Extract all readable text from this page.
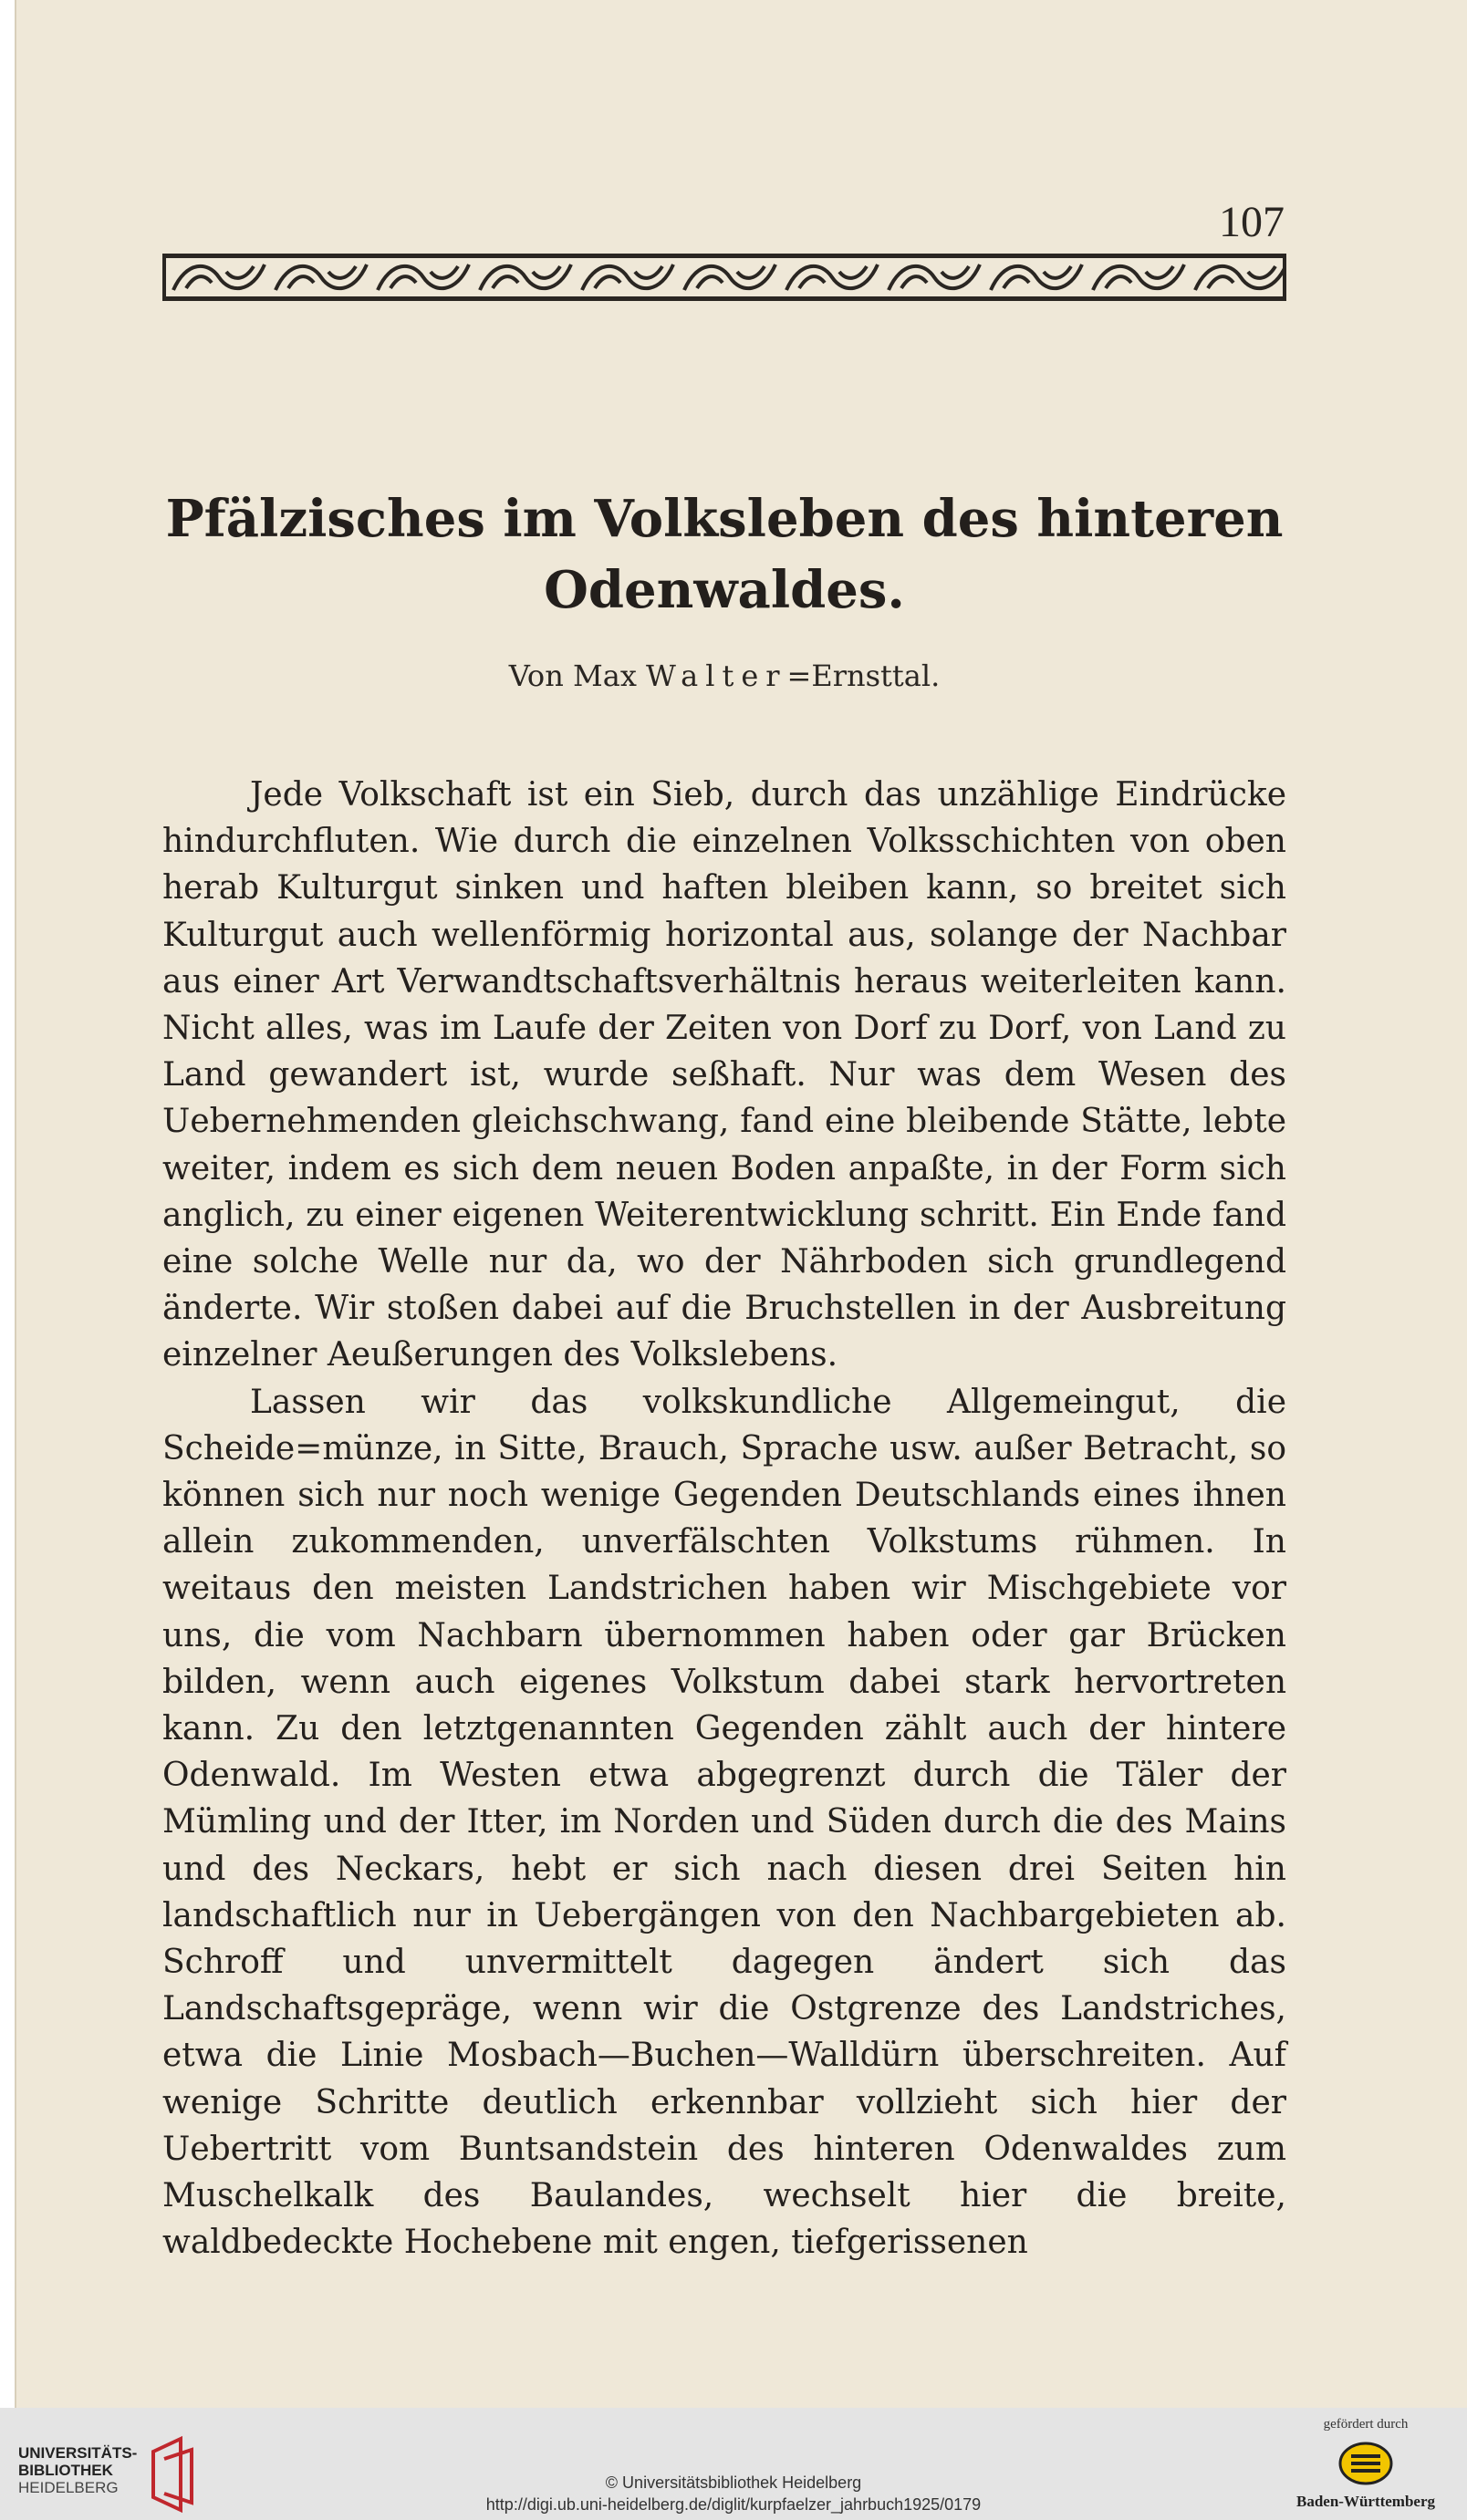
107
Pfälzisches im Volksleben des hinteren
Odenwaldes.
Von Max Walter=Ernsttal.

Jede Volkschaft ist ein Sieb, durch das unzählige Eindrücke hindurchfluten. Wie durch die einzelnen Volksschichten von oben herab Kulturgut sinken und haften bleiben kann, so breitet sich Kulturgut auch wellenförmig horizontal aus, solange der Nachbar aus einer Art Verwandtschaftsverhältnis heraus weiterleiten kann. Nicht alles, was im Laufe der Zeiten von Dorf zu Dorf, von Land zu Land gewandert ist, wurde seßhaft. Nur was dem Wesen des Uebernehmenden gleichschwang, fand eine bleibende Stätte, lebte weiter, indem es sich dem neuen Boden anpaßte, in der Form sich anglich, zu einer eigenen Weiterentwicklung schritt. Ein Ende fand eine solche Welle nur da, wo der Nährboden sich grundlegend änderte. Wir stoßen dabei auf die Bruchstellen in der Ausbreitung einzelner Aeußerungen des Volkslebens.

Lassen wir das volkskundliche Allgemeingut, die Scheide=münze, in Sitte, Brauch, Sprache usw. außer Betracht, so können sich nur noch wenige Gegenden Deutschlands eines ihnen allein zukommenden, unverfälschten Volkstums rühmen. In weitaus den meisten Landstrichen haben wir Mischgebiete vor uns, die vom Nachbarn übernommen haben oder gar Brücken bilden, wenn auch eigenes Volkstum dabei stark hervortreten kann. Zu den letztgenannten Gegenden zählt auch der hintere Odenwald. Im Westen etwa abgegrenzt durch die Täler der Mümling und der Itter, im Norden und Süden durch die des Mains und des Neckars, hebt er sich nach diesen drei Seiten hin landschaftlich nur in Uebergängen von den Nachbargebieten ab. Schroff und unvermittelt dagegen ändert sich das Landschaftsgepräge, wenn wir die Ostgrenze des Landstriches, etwa die Linie Mosbach—Buchen—Walldürn überschreiten. Auf wenige Schritte deutlich erkennbar vollzieht sich hier der Uebertritt vom Buntsandstein des hinteren Odenwaldes zum Muschelkalk des Baulandes, wechselt hier die breite, waldbedeckte Hochebene mit engen, tiefgerissenen

UNIVERSITÄTS-
BIBLIOTHEK
HEIDELBERG	© Universitätsbibliothek Heidelberg
http://digi.ub.uni-heidelberg.de/diglit/kurpfaelzer_jahrbuch1925/0179
gefördert durch
Baden-Württemberg
